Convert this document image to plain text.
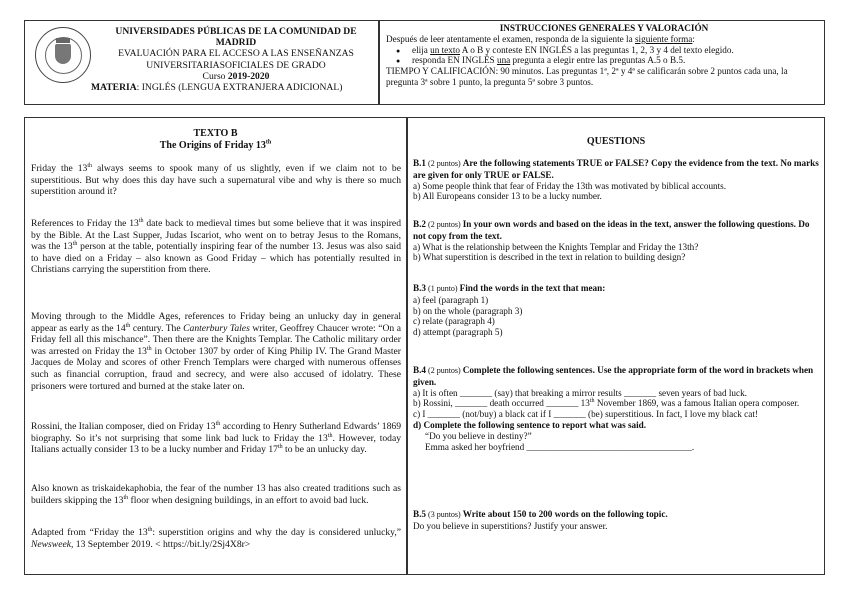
UNIVERSIDADES PÚBLICAS DE LA COMUNIDAD DE
MADRID
EVALUACIÓN PARA EL ACCESO A LAS ENSEÑANZAS
UNIVERSITARIASOFICIALES DE GRADO
Curso 2019-2020
MATERIA: INGLÉS (LENGUA EXTRANJERA ADICIONAL)
INSTRUCCIONES GENERALES Y VALORACIÓN
Después de leer atentamente el examen, responda de la siguiente la siguiente forma:
● elija un texto A o B y conteste EN INGLÉS a las preguntas 1, 2, 3 y 4 del texto elegido.
● responda EN INGLÉS una pregunta a elegir entre las preguntas A.5 o B.5.
TIEMPO Y CALIFICACIÓN: 90 minutos. Las preguntas 1ª, 2ª y 4ª se calificarán sobre 2 puntos cada una, la pregunta 3ª sobre 1 punto, la pregunta 5ª sobre 3 puntos.
TEXTO B
The Origins of Friday 13th
Friday the 13th always seems to spook many of us slightly, even if we claim not to be superstitious. But why does this day have such a supernatural vibe and why is there so much superstition around it?
References to Friday the 13th date back to medieval times but some believe that it was inspired by the Bible. At the Last Supper, Judas Iscariot, who went on to betray Jesus to the Romans, was the 13th person at the table, potentially inspiring fear of the number 13. Jesus was also said to have died on a Friday – also known as Good Friday – which has potentially resulted in Christians carrying the superstition from there.
Moving through to the Middle Ages, references to Friday being an unlucky day in general appear as early as the 14th century. The Canterbury Tales writer, Geoffrey Chaucer wrote: “On a Friday fell all this mischance”. Then there are the Knights Templar. The Catholic military order was arrested on Friday the 13th in October 1307 by order of King Philip IV. The Grand Master Jacques de Molay and scores of other French Templars were charged with numerous offenses such as financial corruption, fraud and secrecy, and were also accused of idolatry. These prisoners were tortured and burned at the stake later on.
Rossini, the Italian composer, died on Friday 13th according to Henry Sutherland Edwards’ 1869 biography. So it’s not surprising that some link bad luck to Friday the 13th. However, today Italians actually consider 13 to be a lucky number and Friday 17th to be an unlucky day.
Also known as triskaidekaphobia, the fear of the number 13 has also created traditions such as builders skipping the 13th floor when designing buildings, in an effort to avoid bad luck.
Adapted from “Friday the 13th: superstition origins and why the day is considered unlucky,” Newsweek, 13 September 2019. < https://bit.ly/2Sj4X8r>
QUESTIONS
B.1 (2 puntos) Are the following statements TRUE or FALSE? Copy the evidence from the text. No marks are given for only TRUE or FALSE.
a) Some people think that fear of Friday the 13th was motivated by biblical accounts.
b) All Europeans consider 13 to be a lucky number.
B.2 (2 puntos) In your own words and based on the ideas in the text, answer the following questions. Do not copy from the text.
a) What is the relationship between the Knights Templar and Friday the 13th?
b) What superstition is described in the text in relation to building design?
B.3 (1 punto) Find the words in the text that mean:
a) feel (paragraph 1)
b) on the whole (paragraph 3)
c) relate (paragraph 4)
d) attempt (paragraph 5)
B.4 (2 puntos) Complete the following sentences. Use the appropriate form of the word in brackets when given.
a) It is often _______ (say) that breaking a mirror results _______ seven years of bad luck.
b) Rossini, _______ death occurred _______ 13th November 1869, was a famous Italian opera composer.
c) I _______ (not/buy) a black cat if I _______ (be) superstitious. In fact, I love my black cat!
d) Complete the following sentence to report what was said.
“Do you believe in destiny?”
Emma asked her boyfriend ____________________________________.
B.5 (3 puntos) Write about 150 to 200 words on the following topic.
Do you believe in superstitions? Justify your answer.
